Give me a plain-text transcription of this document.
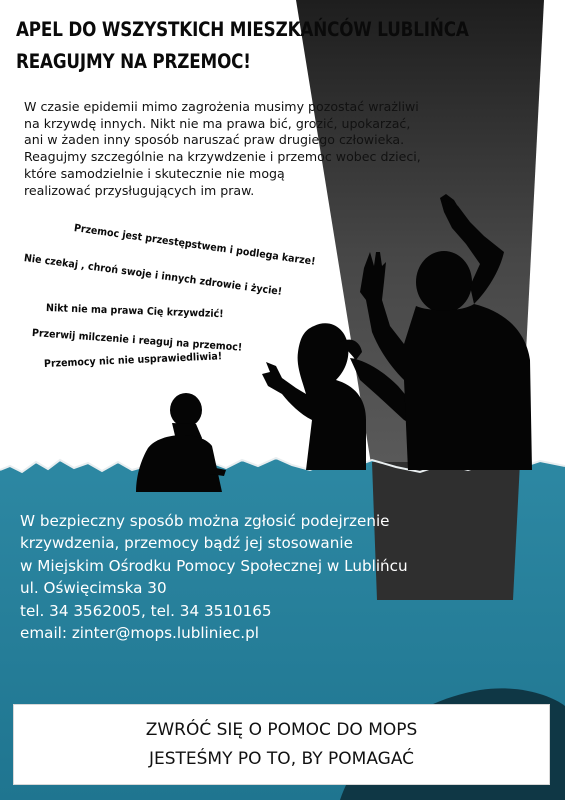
APEL DO WSZYSTKICH MIESZKAŃCÓW LUBLIŃCA
REAGUJMY NA PRZEMOC!

W czasie epidemii mimo zagrożenia musimy pozostać wrażliwi
na krzywdę innych. Nikt nie ma prawa bić, grozić, upokarzać,
ani w żaden inny sposób naruszać praw drugiego człowieka.
Reagujmy szczególnie na krzywdzenie i przemoc wobec dzieci,
które samodzielnie i skutecznie nie mogą
realizować przysługujących im praw.

Przemoc jest przestępstwem i podlega karze!

Nie czekaj , chroń swoje i innych zdrowie i życie!

Nikt nie ma prawa Cię krzywdzić!

Przerwij milczenie i reaguj na przemoc!

Przemocy nic nie usprawiedliwia!

W bezpieczny sposób można zgłosić podejrzenie
krzywdzenia, przemocy bądź jej stosowanie
w Miejskim Ośrodku Pomocy Społecznej w Lublińcu
ul. Oświęcimska 30
tel. 34 3562005, tel. 34 3510165
email: zinter@mops.lubliniec.pl

ZWRÓĆ SIĘ O POMOC DO MOPS

JESTEŚMY PO TO, BY POMAGAĆ
